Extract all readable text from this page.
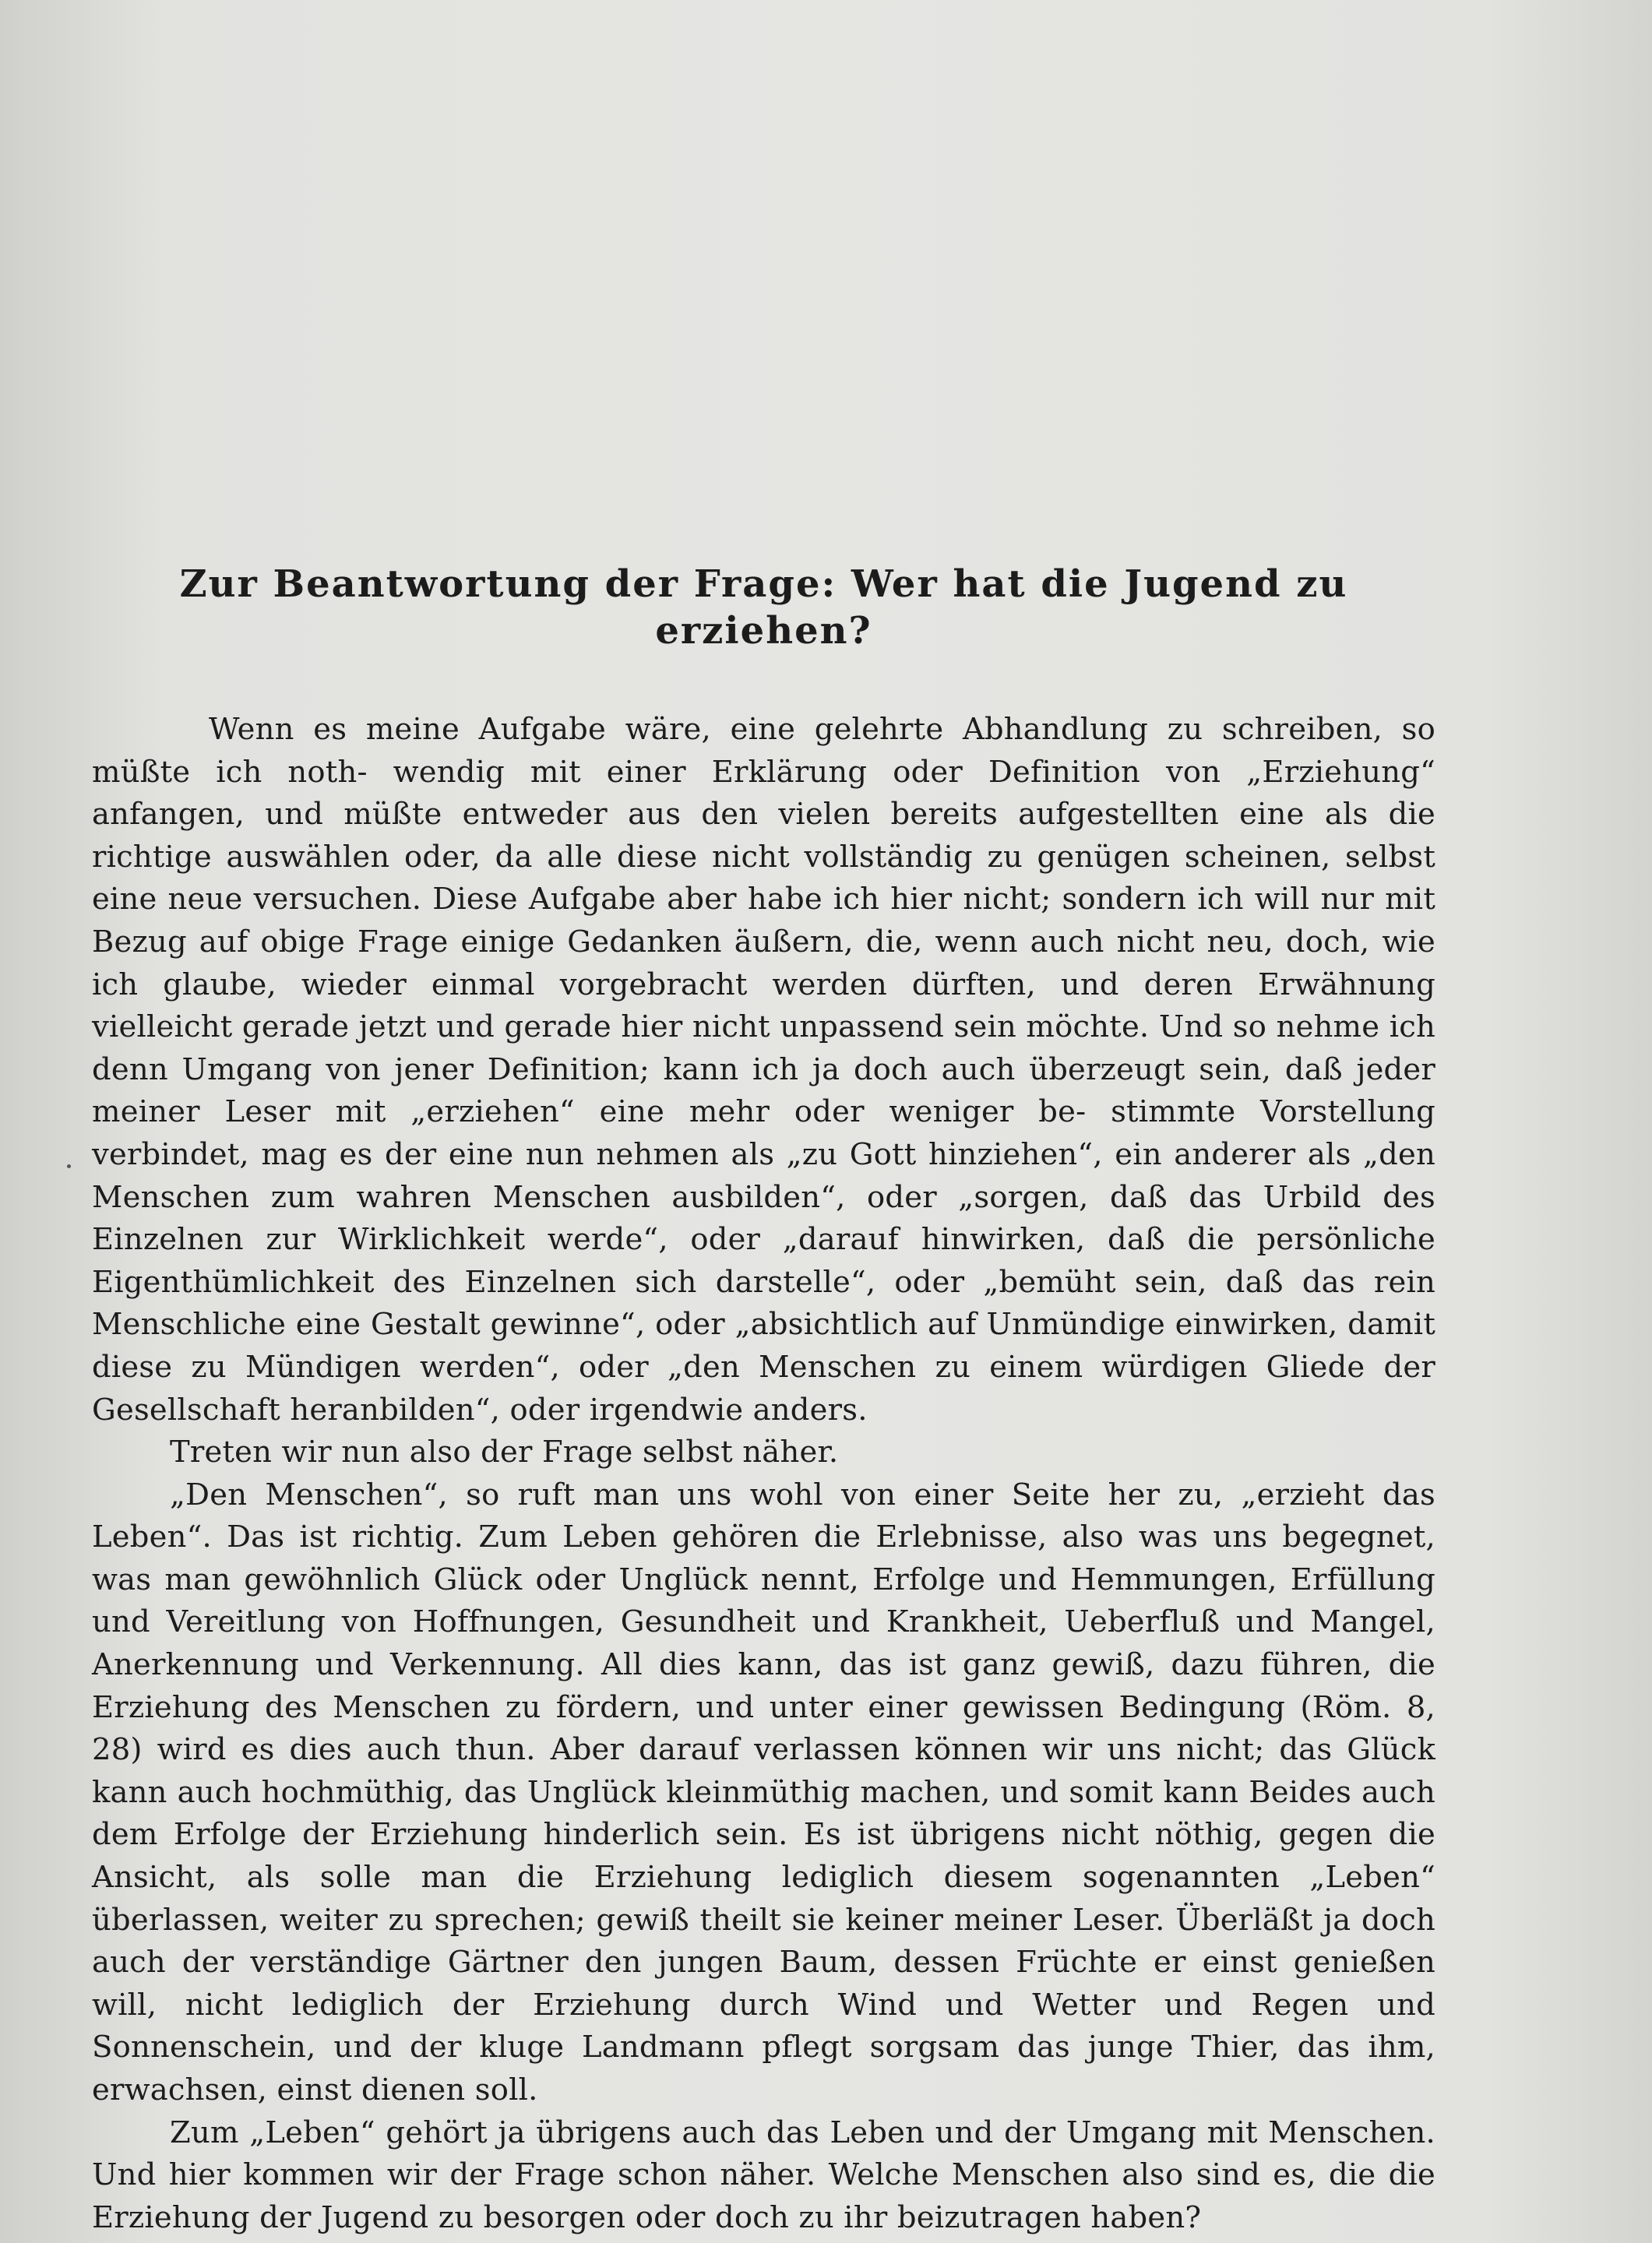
Zur Beantwortung der Frage: Wer hat die Jugend zu erziehen?

Wenn es meine Aufgabe wäre, eine gelehrte Abhandlung zu schreiben, so müßte ich noth- wendig mit einer Erklärung oder Definition von „Erziehung“ anfangen, und müßte entweder aus den vielen bereits aufgestellten eine als die richtige auswählen oder, da alle diese nicht vollständig zu genügen scheinen, selbst eine neue versuchen. Diese Aufgabe aber habe ich hier nicht; sondern ich will nur mit Bezug auf obige Frage einige Gedanken äußern, die, wenn auch nicht neu, doch, wie ich glaube, wieder einmal vorgebracht werden dürften, und deren Erwähnung vielleicht gerade jetzt und gerade hier nicht unpassend sein möchte. Und so nehme ich denn Umgang von jener Definition; kann ich ja doch auch überzeugt sein, daß jeder meiner Leser mit „erziehen“ eine mehr oder weniger be- stimmte Vorstellung verbindet, mag es der eine nun nehmen als „zu Gott hinziehen“, ein anderer als „den Menschen zum wahren Menschen ausbilden“, oder „sorgen, daß das Urbild des Einzelnen zur Wirklichkeit werde“, oder „darauf hinwirken, daß die persönliche Eigenthümlichkeit des Einzelnen sich darstelle“, oder „bemüht sein, daß das rein Menschliche eine Gestalt gewinne“, oder „absichtlich auf Unmündige einwirken, damit diese zu Mündigen werden“, oder „den Menschen zu einem würdigen Gliede der Gesellschaft heranbilden“, oder irgendwie anders.

Treten wir nun also der Frage selbst näher.

„Den Menschen“, so ruft man uns wohl von einer Seite her zu, „erzieht das Leben“. Das ist richtig. Zum Leben gehören die Erlebnisse, also was uns begegnet, was man gewöhnlich Glück oder Unglück nennt, Erfolge und Hemmungen, Erfüllung und Vereitlung von Hoffnungen, Gesundheit und Krankheit, Ueberfluß und Mangel, Anerkennung und Verkennung. All dies kann, das ist ganz gewiß, dazu führen, die Erziehung des Menschen zu fördern, und unter einer gewissen Bedingung (Röm. 8, 28) wird es dies auch thun. Aber darauf verlassen können wir uns nicht; das Glück kann auch hochmüthig, das Unglück kleinmüthig machen, und somit kann Beides auch dem Erfolge der Erziehung hinderlich sein. Es ist übrigens nicht nöthig, gegen die Ansicht, als solle man die Erziehung lediglich diesem sogenannten „Leben“ überlassen, weiter zu sprechen; gewiß theilt sie keiner meiner Leser. Überläßt ja doch auch der verständige Gärtner den jungen Baum, dessen Früchte er einst genießen will, nicht lediglich der Erziehung durch Wind und Wetter und Regen und Sonnenschein, und der kluge Landmann pflegt sorgsam das junge Thier, das ihm, erwachsen, einst dienen soll.

Zum „Leben“ gehört ja übrigens auch das Leben und der Umgang mit Menschen. Und hier kommen wir der Frage schon näher. Welche Menschen also sind es, die die Erziehung der Jugend zu besorgen oder doch zu ihr beizutragen haben?
